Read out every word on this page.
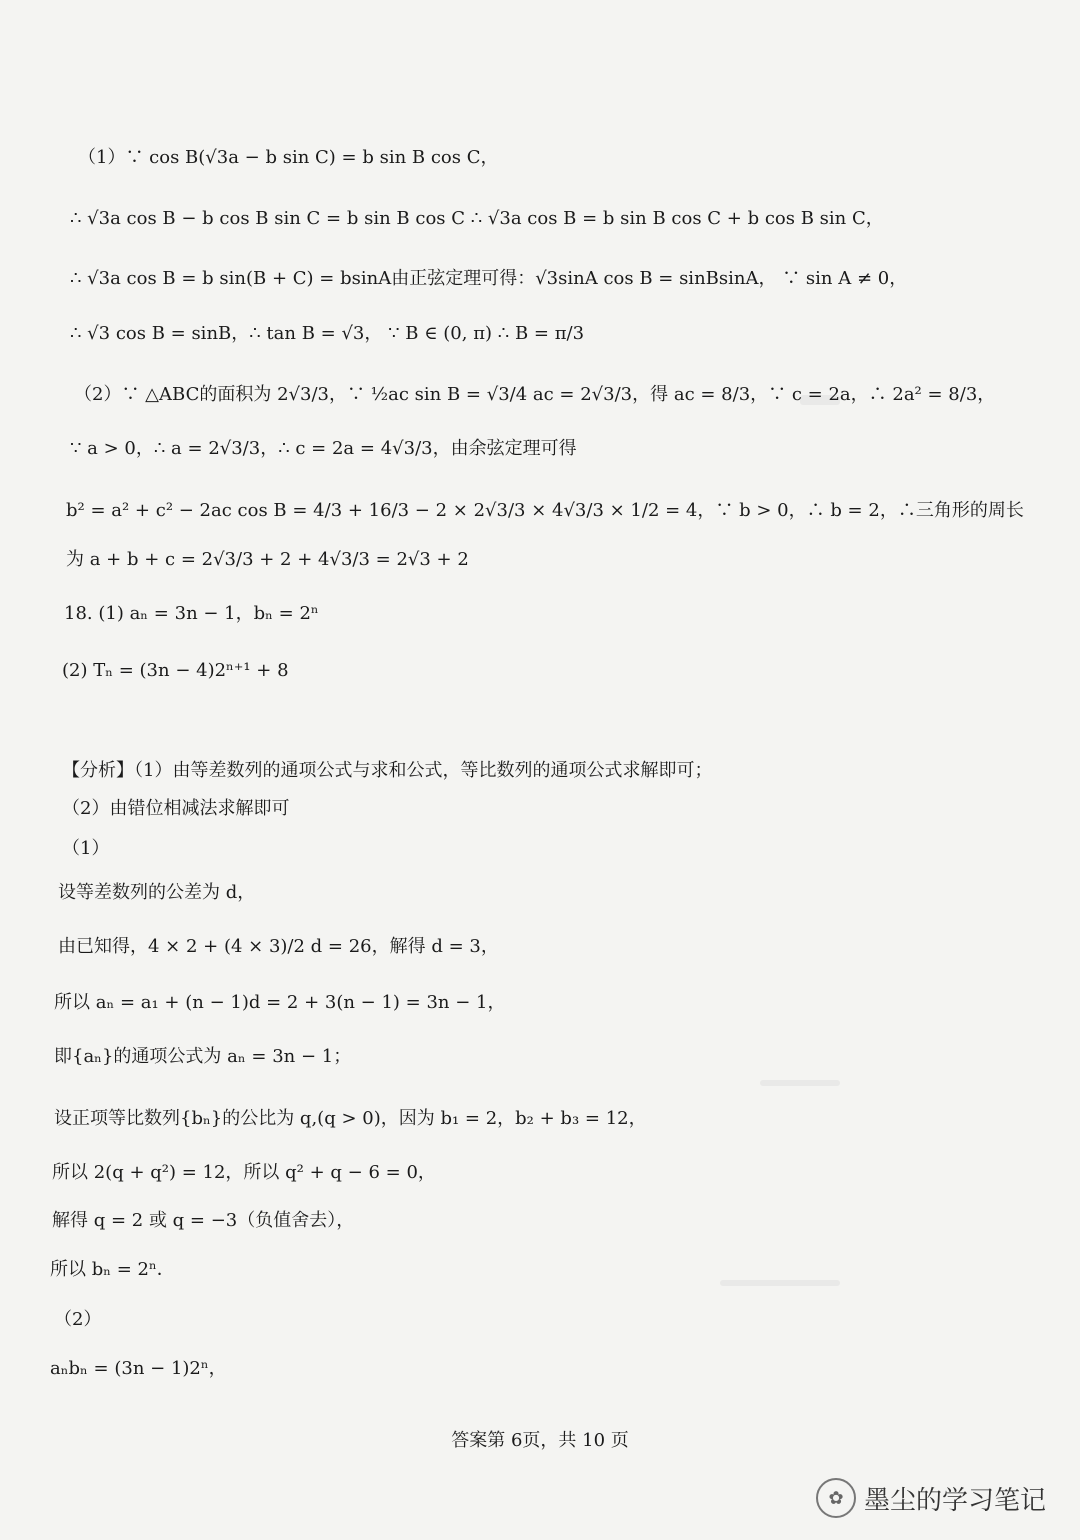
（1）∵ cos B(√3a − b sin C) = b sin B cos C，
∴ √3a cos B − b cos B sin C = b sin B cos C ∴ √3a cos B = b sin B cos C + b cos B sin C，
∴ √3a cos B = b sin(B + C) = bsinA由正弦定理可得：√3sinA cos B = sinBsinA， ∵ sin A ≠ 0，
∴ √3 cos B = sinB，∴ tan B = √3， ∵ B ∈ (0, π) ∴ B = π/3
（2）∵ △ABC的面积为 2√3/3，∵ ½ac sin B = √3/4 ac = 2√3/3，得 ac = 8/3，∵ c = 2a，∴ 2a² = 8/3，
∵ a > 0，∴ a = 2√3/3，∴ c = 2a = 4√3/3，由余弦定理可得
b² = a² + c² − 2ac cos B = 4/3 + 16/3 − 2 × 2√3/3 × 4√3/3 × 1/2 = 4，∵ b > 0，∴ b = 2，∴三角形的周长
为 a + b + c = 2√3/3 + 2 + 4√3/3 = 2√3 + 2
18. (1) aₙ = 3n − 1，bₙ = 2ⁿ
(2) Tₙ = (3n − 4)2ⁿ⁺¹ + 8
【分析】（1）由等差数列的通项公式与求和公式，等比数列的通项公式求解即可；
（2）由错位相减法求解即可
（1）
设等差数列的公差为 d，
由已知得，4 × 2 + (4 × 3)/2 d = 26，解得 d = 3，
所以 aₙ = a₁ + (n − 1)d = 2 + 3(n − 1) = 3n − 1，
即{aₙ}的通项公式为 aₙ = 3n − 1；
设正项等比数列{bₙ}的公比为 q,(q > 0)，因为 b₁ = 2，b₂ + b₃ = 12，
所以 2(q + q²) = 12，所以 q² + q − 6 = 0，
解得 q = 2 或 q = −3（负值舍去），
所以 bₙ = 2ⁿ．
（2）
aₙbₙ = (3n − 1)2ⁿ，
答案第 6页，共 10 页
✿ 墨尘的学习笔记
